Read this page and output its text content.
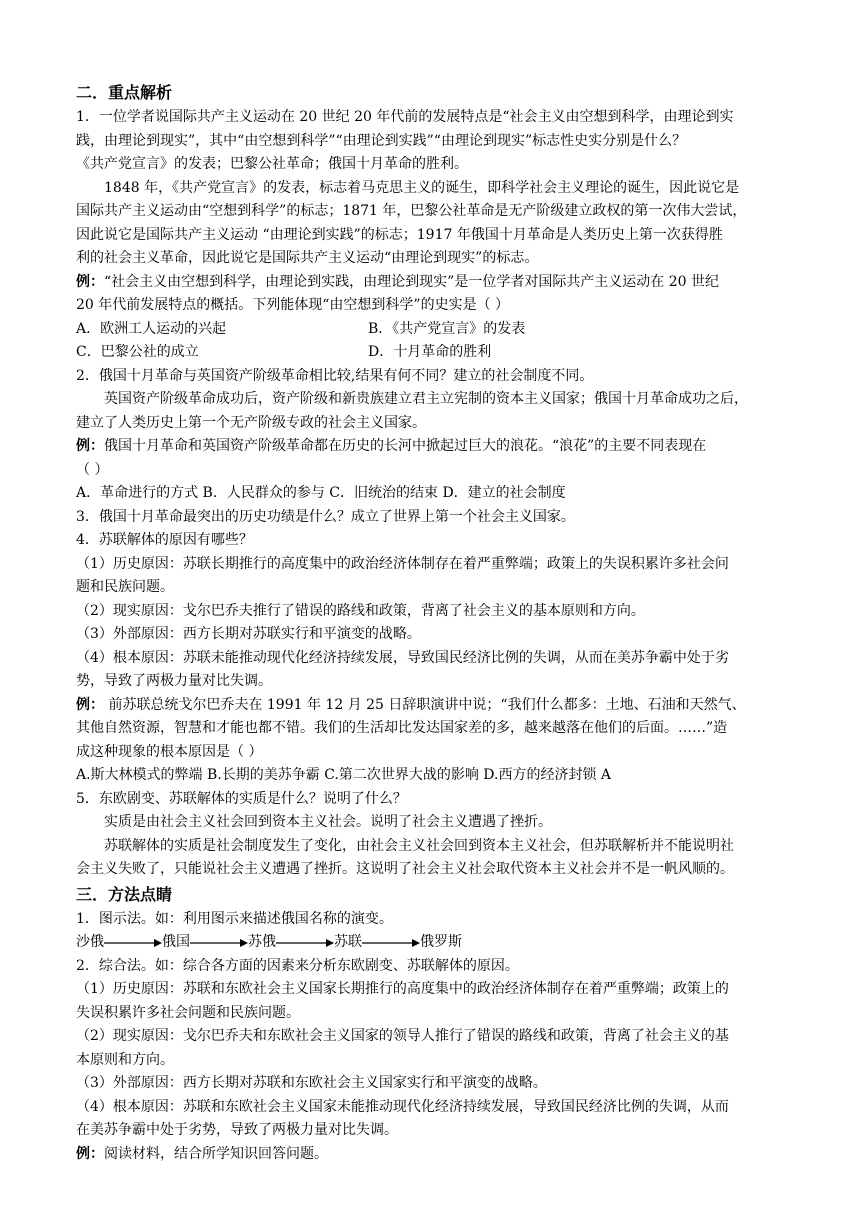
二．重点解析
1．一位学者说国际共产主义运动在 20 世纪 20 年代前的发展特点是“社会主义由空想到科学，由理论到实
践，由理论到现实”，其中“由空想到科学”“由理论到实践”“由理论到现实”标志性史实分别是什么？
《共产党宣言》的发表；巴黎公社革命；俄国十月革命的胜利。
1848 年，《共产党宣言》的发表，标志着马克思主义的诞生，即科学社会主义理论的诞生，因此说它是
国际共产主义运动由“空想到科学”的标志；1871 年，巴黎公社革命是无产阶级建立政权的第一次伟大尝试，
因此说它是国际共产主义运动 “由理论到实践”的标志；1917 年俄国十月革命是人类历史上第一次获得胜
利的社会主义革命，因此说它是国际共产主义运动“由理论到现实”的标志。
例：“社会主义由空想到科学，由理论到实践，由理论到现实”是一位学者对国际共产主义运动在 20 世纪
20 年代前发展特点的概括。下列能体现“由空想到科学”的史实是（ ）
A．欧洲工人运动的兴起	B．《共产党宣言》的发表
C．巴黎公社的成立	D．十月革命的胜利
2．俄国十月革命与英国资产阶级革命相比较,结果有何不同？建立的社会制度不同。
英国资产阶级革命成功后，资产阶级和新贵族建立君主立宪制的资本主义国家；俄国十月革命成功之后，
建立了人类历史上第一个无产阶级专政的社会主义国家。
例：俄国十月革命和英国资产阶级革命都在历史的长河中掀起过巨大的浪花。“浪花”的主要不同表现在
（ ）
A．革命进行的方式 B．人民群众的参与 C．旧统治的结束 D．建立的社会制度
3．俄国十月革命最突出的历史功绩是什么？成立了世界上第一个社会主义国家。
4．苏联解体的原因有哪些？
（1）历史原因：苏联长期推行的高度集中的政治经济体制存在着严重弊端；政策上的失误积累许多社会问
题和民族问题。
（2）现实原因：戈尔巴乔夫推行了错误的路线和政策，背离了社会主义的基本原则和方向。
（3）外部原因：西方长期对苏联实行和平演变的战略。
（4）根本原因：苏联未能推动现代化经济持续发展，导致国民经济比例的失调，从而在美苏争霸中处于劣
势，导致了两极力量对比失调。
例： 前苏联总统戈尔巴乔夫在 1991 年 12 月 25 日辞职演讲中说；“我们什么都多：土地、石油和天然气、
其他自然资源，智慧和才能也都不错。我们的生活却比发达国家差的多，越来越落在他们的后面。……”造
成这种现象的根本原因是（ ）
A.斯大林模式的弊端 B.长期的美苏争霸 C.第二次世界大战的影响 D.西方的经济封锁 A
5．东欧剧变、苏联解体的实质是什么？说明了什么？
实质是由社会主义社会回到资本主义社会。说明了社会主义遭遇了挫折。
苏联解体的实质是社会制度发生了变化，由社会主义社会回到资本主义社会，但苏联解析并不能说明社
会主义失败了，只能说社会主义遭遇了挫折。这说明了社会主义社会取代资本主义社会并不是一帆风顺的。
三．方法点睛
1．图示法。如：利用图示来描述俄国名称的演变。
沙俄	俄国	苏俄	苏联	俄罗斯
2．综合法。如：综合各方面的因素来分析东欧剧变、苏联解体的原因。
（1）历史原因：苏联和东欧社会主义国家长期推行的高度集中的政治经济体制存在着严重弊端；政策上的
失误积累许多社会问题和民族问题。
（2）现实原因：戈尔巴乔夫和东欧社会主义国家的领导人推行了错误的路线和政策，背离了社会主义的基
本原则和方向。
（3）外部原因：西方长期对苏联和东欧社会主义国家实行和平演变的战略。
（4）根本原因：苏联和东欧社会主义国家未能推动现代化经济持续发展，导致国民经济比例的失调，从而
在美苏争霸中处于劣势，导致了两极力量对比失调。
例：阅读材料，结合所学知识回答问题。
